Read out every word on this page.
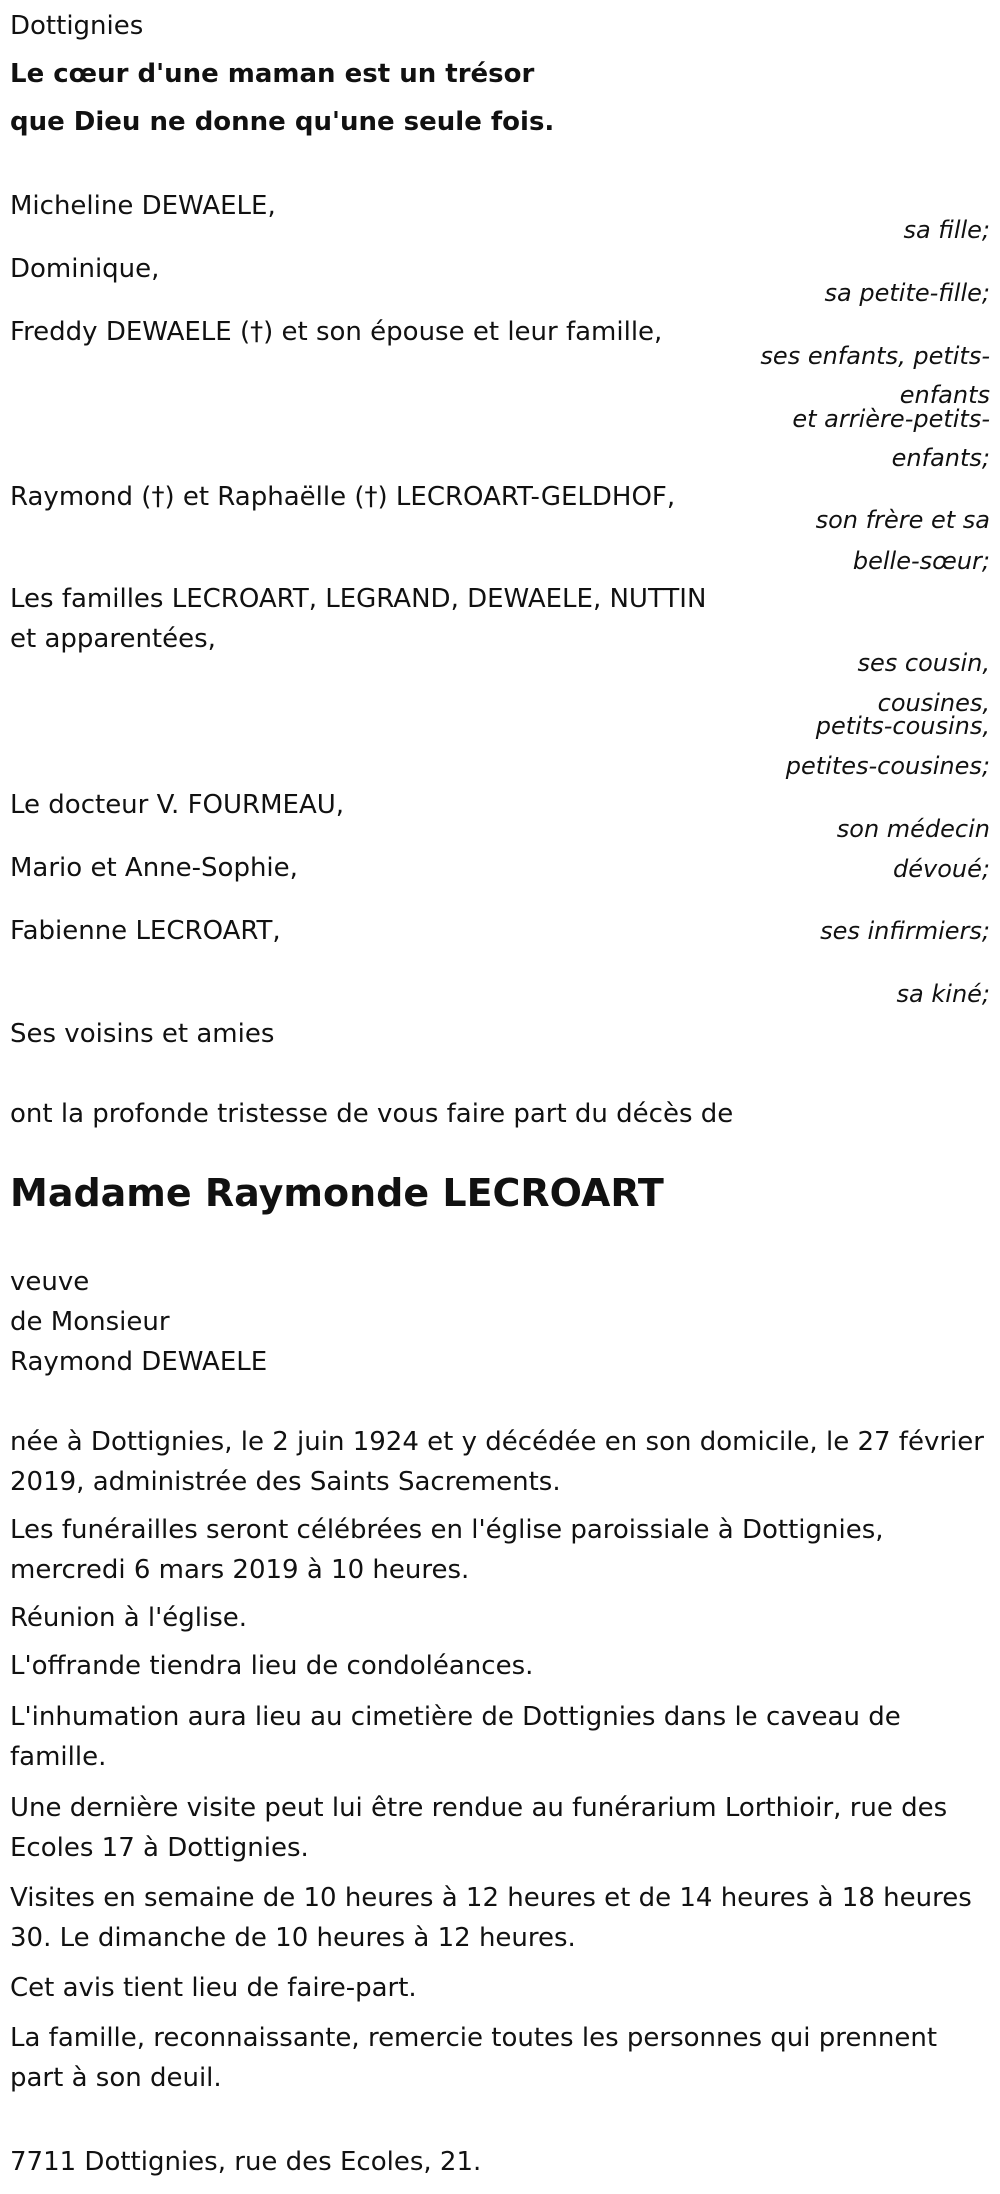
Dottignies

Le cœur d'une maman est un trésor

que Dieu ne donne qu'une seule fois.

Micheline DEWAELE,

sa fille;

Dominique,

sa petite-fille;

Freddy DEWAELE (†) et son épouse et leur famille,

ses enfants, petits-

enfants

et arrière-petits-

enfants;

Raymond (†) et Raphaëlle (†) LECROART-GELDHOF,

son frère et sa

belle-sœur;

Les familles LECROART, LEGRAND, DEWAELE, NUTTIN

et apparentées,

ses cousin,

cousines,

petits-cousins,

petites-cousines;

Le docteur V. FOURMEAU,

son médecin

dévoué;

Mario et Anne-Sophie,

ses infirmiers;

Fabienne LECROART,

sa kiné;

Ses voisins et amies

ont la profonde tristesse de vous faire part du décès de

Madame Raymonde LECROART

veuve

de Monsieur

Raymond DEWAELE

née à Dottignies, le 2 juin 1924 et y décédée en son domicile, le 27 février 2019, administrée des Saints Sacrements.

Les funérailles seront célébrées en l'église paroissiale à Dottignies, mercredi 6 mars 2019 à 10 heures.

Réunion à l'église.

L'offrande tiendra lieu de condoléances.

L'inhumation aura lieu au cimetière de Dottignies dans le caveau de famille.

Une dernière visite peut lui être rendue au funérarium Lorthioir, rue des Ecoles 17 à Dottignies.

Visites en semaine de 10 heures à 12 heures et de 14 heures à 18 heures 30. Le dimanche de 10 heures à 12 heures.

Cet avis tient lieu de faire-part.

La famille, reconnaissante, remercie toutes les personnes qui prennent part à son deuil.

7711 Dottignies, rue des Ecoles, 21.
